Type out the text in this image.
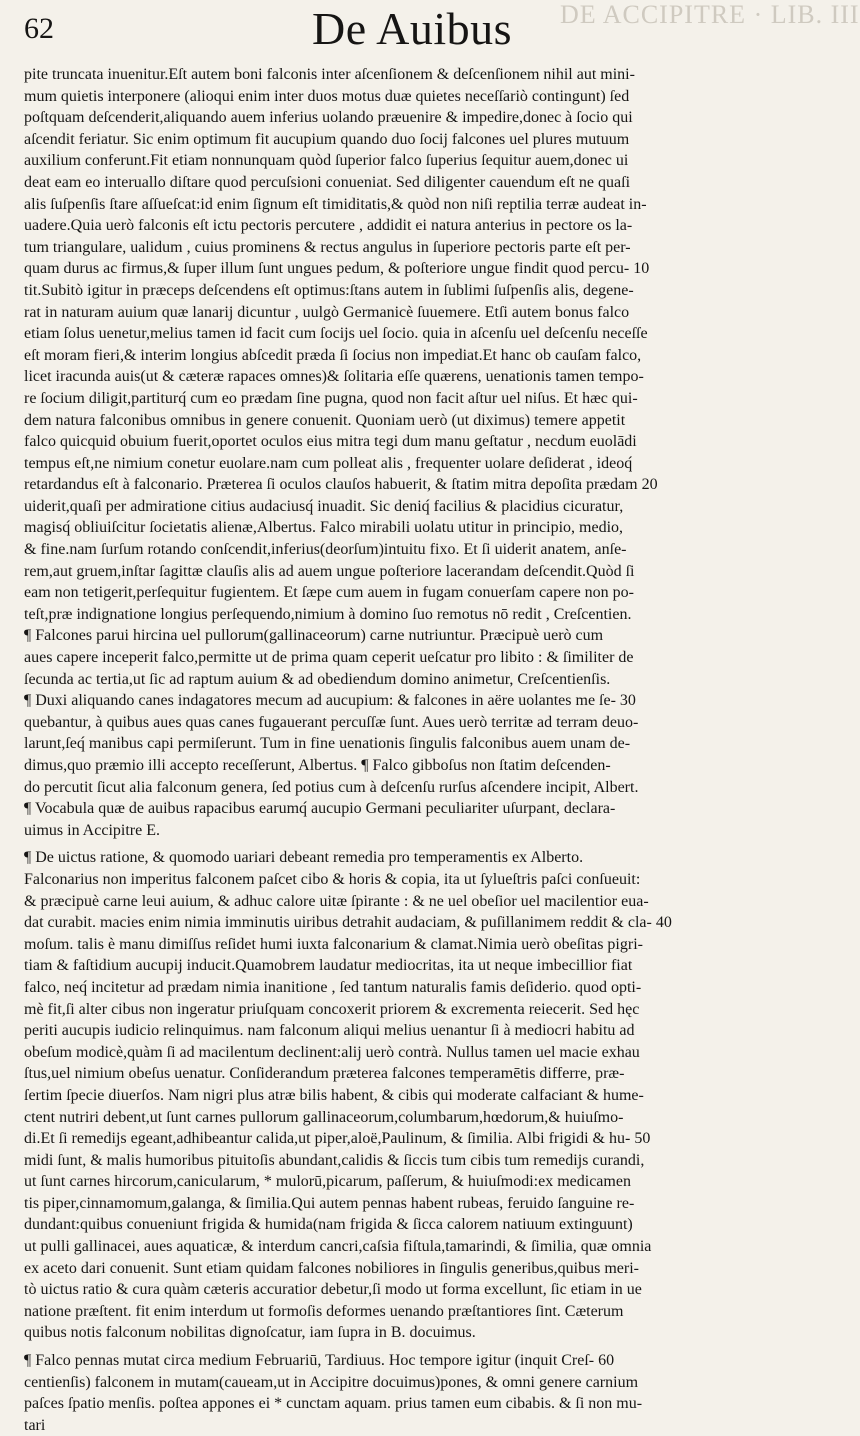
DE ACCIPITRE · LIB. III
62	De Auibus
pite truncata inuenitur.Eſt autem boni falconis inter aſcenſionem & deſcenſionem nihil aut mini-
mum quietis interponere (alioqui enim inter duos motus duæ quietes neceſſariò contingunt) ſed
poſtquam deſcenderit,aliquando auem inferius uolando præuenire & impedire,donec à ſocio qui
aſcendit feriatur. Sic enim optimum fit aucupium quando duo ſocij falcones uel plures mutuum
auxilium conferunt.Fit etiam nonnunquam quòd ſuperior falco ſuperius ſequitur auem,donec ui
deat eam eo interuallo diſtare quod percuſsioni conueniat. Sed diligenter cauendum eſt ne quaſi
alis ſuſpenſis ſtare aſſueſcat:id enim ſignum eſt timiditatis,& quòd non niſi reptilia terræ audeat in-
uadere.Quia uerò falconis eſt ictu pectoris percutere , addidit ei natura anterius in pectore os la-
tum triangulare, ualidum , cuius prominens & rectus angulus in ſuperiore pectoris parte eſt per-
quam durus ac firmus,& ſuper illum ſunt ungues pedum, & poſteriore ungue findit quod percu- 10
tit.Subitò igitur in præceps deſcendens eſt optimus:ſtans autem in ſublimi ſuſpenſis alis, degene-
rat in naturam auium quæ lanarij dicuntur , uulgò Germanicè ſuuemere. Etſi autem bonus falco
etiam ſolus uenetur,melius tamen id facit cum ſocijs uel ſocio. quia in aſcenſu uel deſcenſu neceſſe
eſt moram fieri,& interim longius abſcedit præda ſi ſocius non impediat.Et hanc ob cauſam falco,
licet iracunda auis(ut & cæteræ rapaces omnes)& ſolitaria eſſe quærens, uenationis tamen tempo-
re ſocium diligit,partiturq́ cum eo prædam ſine pugna, quod non facit aſtur uel niſus. Et hæc qui-
dem natura falconibus omnibus in genere conuenit. Quoniam uerò (ut diximus) temere appetit
falco quicquid obuium fuerit,oportet oculos eius mitra tegi dum manu geſtatur , necdum euolādi
tempus eſt,ne nimium conetur euolare.nam cum polleat alis , frequenter uolare deſiderat , ideoq́
retardandus eſt à falconario. Præterea ſi oculos clauſos habuerit, & ſtatim mitra depoſita prædam 20
uiderit,quaſi per admiratione citius audaciusq́ inuadit. Sic deniq́ facilius & placidius cicuratur,
magisq́ obliuiſcitur ſocietatis alienæ,Albertus. Falco mirabili uolatu utitur in principio, medio,
& fine.nam ſurſum rotando conſcendit,inferius(deorſum)intuitu fixo. Et ſi uiderit anatem, anſe-
rem,aut gruem,inſtar ſagittæ clauſis alis ad auem ungue poſteriore lacerandam deſcendit.Quòd ſi
eam non tetigerit,perſequitur fugientem. Et ſæpe cum auem in fugam conuerſam capere non po-
teſt,præ indignatione longius perſequendo,nimium à domino ſuo remotus nō redit , Creſcentien.
¶ Falcones parui hircina uel pullorum(gallinaceorum) carne nutriuntur. Præcipuè uerò cum
aues capere inceperit falco,permitte ut de prima quam ceperit ueſcatur pro libito : & ſimiliter de
ſecunda ac tertia,ut ſic ad raptum auium & ad obediendum domino animetur, Creſcentienſis.
¶ Duxi aliquando canes indagatores mecum ad aucupium: & falcones in aëre uolantes me ſe- 30
quebantur, à quibus aues quas canes fugauerant percuſſæ ſunt. Aues uerò territæ ad terram deuo-
larunt,ſeq́ manibus capi permiſerunt. Tum in fine uenationis ſingulis falconibus auem unam de-
dimus,quo præmio illi accepto receſſerunt, Albertus. ¶ Falco gibboſus non ſtatim deſcenden-
do percutit ſicut alia falconum genera, ſed potius cum à deſcenſu rurſus aſcendere incipit, Albert.
¶ Vocabula quæ de auibus rapacibus earumq́ aucupio Germani peculiariter uſurpant, declara-
uimus in Accipitre E.
¶ De uictus ratione, & quomodo uariari debeant remedia pro temperamentis ex Alberto.
Falconarius non imperitus falconem paſcet cibo & horis & copia, ita ut ſylueſtris paſci conſueuit:
& præcipuè carne leui auium, & adhuc calore uitæ ſpirante : & ne uel obeſior uel macilentior eua-
dat curabit. macies enim nimia imminutis uiribus detrahit audaciam, & puſillanimem reddit & cla- 40
moſum. talis è manu dimiſſus reſidet humi iuxta falconarium & clamat.Nimia uerò obeſitas pigri-
tiam & faſtidium aucupij inducit.Quamobrem laudatur mediocritas, ita ut neque imbecillior fiat
falco, neq́ incitetur ad prædam nimia inanitione , ſed tantum naturalis famis deſiderio. quod opti-
mè fit,ſi alter cibus non ingeratur priuſquam concoxerit priorem & excrementa reiecerit. Sed hęc
periti aucupis iudicio relinquimus. nam falconum aliqui melius uenantur ſi à mediocri habitu ad
obeſum modicè,quàm ſi ad macilentum declinent:alij uerò contrà. Nullus tamen uel macie exhau
ſtus,uel nimium obeſus uenatur. Conſiderandum præterea falcones temperamētis differre, præ-
ſertim ſpecie diuerſos. Nam nigri plus atræ bilis habent, & cibis qui moderate calfaciant & hume-
ctent nutriri debent,ut ſunt carnes pullorum gallinaceorum,columbarum,hœdorum,& huiuſmo-
di.Et ſi remedijs egeant,adhibeantur calida,ut piper,aloë,Paulinum, & ſimilia. Albi frigidi & hu- 50
midi ſunt, & malis humoribus pituitoſis abundant,calidis & ſiccis tum cibis tum remedijs curandi,
ut ſunt carnes hircorum,canicularum, * mulorū,picarum, paſſerum, & huiuſmodi:ex medicamen
tis piper,cinnamomum,galanga, & ſimilia.Qui autem pennas habent rubeas, feruido ſanguine re-
dundant:quibus conueniunt frigida & humida(nam frigida & ſicca calorem natiuum extinguunt)
ut pulli gallinacei, aues aquaticæ, & interdum cancri,caſsia fiſtula,tamarindi, & ſimilia, quæ omnia
ex aceto dari conuenit. Sunt etiam quidam falcones nobiliores in ſingulis generibus,quibus meri-
tò uictus ratio & cura quàm cæteris accuratior debetur,ſi modo ut forma excellunt, ſic etiam in ue
natione præſtent. fit enim interdum ut formoſis deformes uenando præſtantiores ſint. Cæterum
quibus notis falconum nobilitas dignoſcatur, iam ſupra in B. docuimus.
¶ Falco pennas mutat circa medium Februariū, Tardiuus. Hoc tempore igitur (inquit Creſ- 60
centienſis) falconem in mutam(caueam,ut in Accipitre docuimus)pones, & omni genere carnium
paſces ſpatio menſis. poſtea appones ei * cunctam aquam. prius tamen eum cibabis. & ſi non mu-
tari
